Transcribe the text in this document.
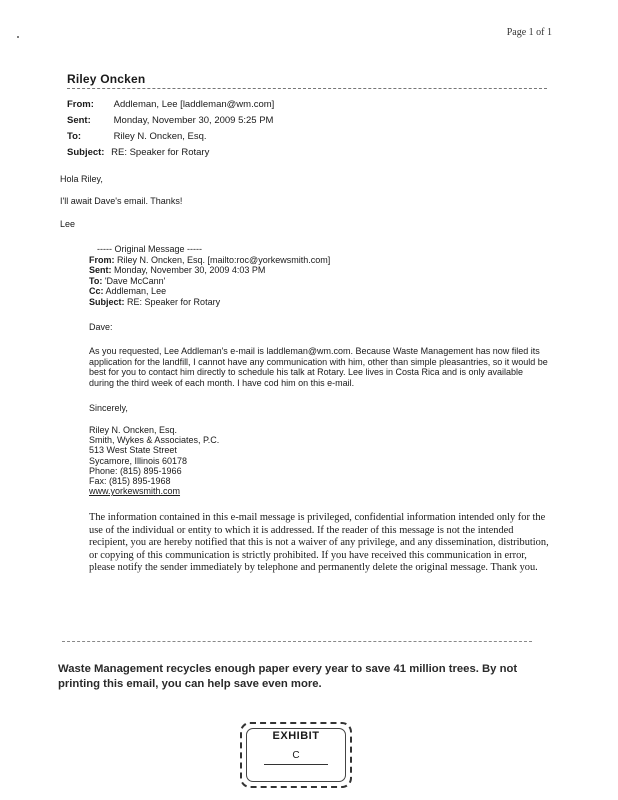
Page 1 of 1
Riley Oncken
From: Addleman, Lee [laddleman@wm.com]
Sent: Monday, November 30, 2009 5:25 PM
To:	Riley N. Oncken, Esq.
Subject: RE: Speaker for Rotary
Hola Riley,
I'll await Dave's email. Thanks!
Lee
----- Original Message -----
From: Riley N. Oncken, Esq. [mailto:roc@yorkewsmith.com]
Sent: Monday, November 30, 2009 4:03 PM
To: 'Dave McCann'
Cc: Addleman, Lee
Subject: RE: Speaker for Rotary
Dave:
As you requested, Lee Addleman's e-mail is laddleman@wm.com. Because Waste Management has now filed its application for the landfill, I cannot have any communication with him, other than simple pleasantries, so it would be best for you to contact him directly to schedule his talk at Rotary. Lee lives in Costa Rica and is only available during the third week of each month. I have cod him on this e-mail.
Sincerely,
Riley N. Oncken, Esq.
Smith, Wykes & Associates, P.C.
513 West State Street
Sycamore, Illinois 60178
Phone: (815) 895-1966
Fax: (815) 895-1968
www.yorkewsmith.com
The information contained in this e-mail message is privileged, confidential information intended only for the use of the individual or entity to which it is addressed. If the reader of this message is not the intended recipient, you are hereby notified that this is not a waiver of any privilege, and any dissemination, distribution, or copying of this communication is strictly prohibited. If you have received this communication in error, please notify the sender immediately by telephone and permanently delete the original message. Thank you.
Waste Management recycles enough paper every year to save 41 million trees. By not printing this email, you can help save even more.
EXHIBIT
C
